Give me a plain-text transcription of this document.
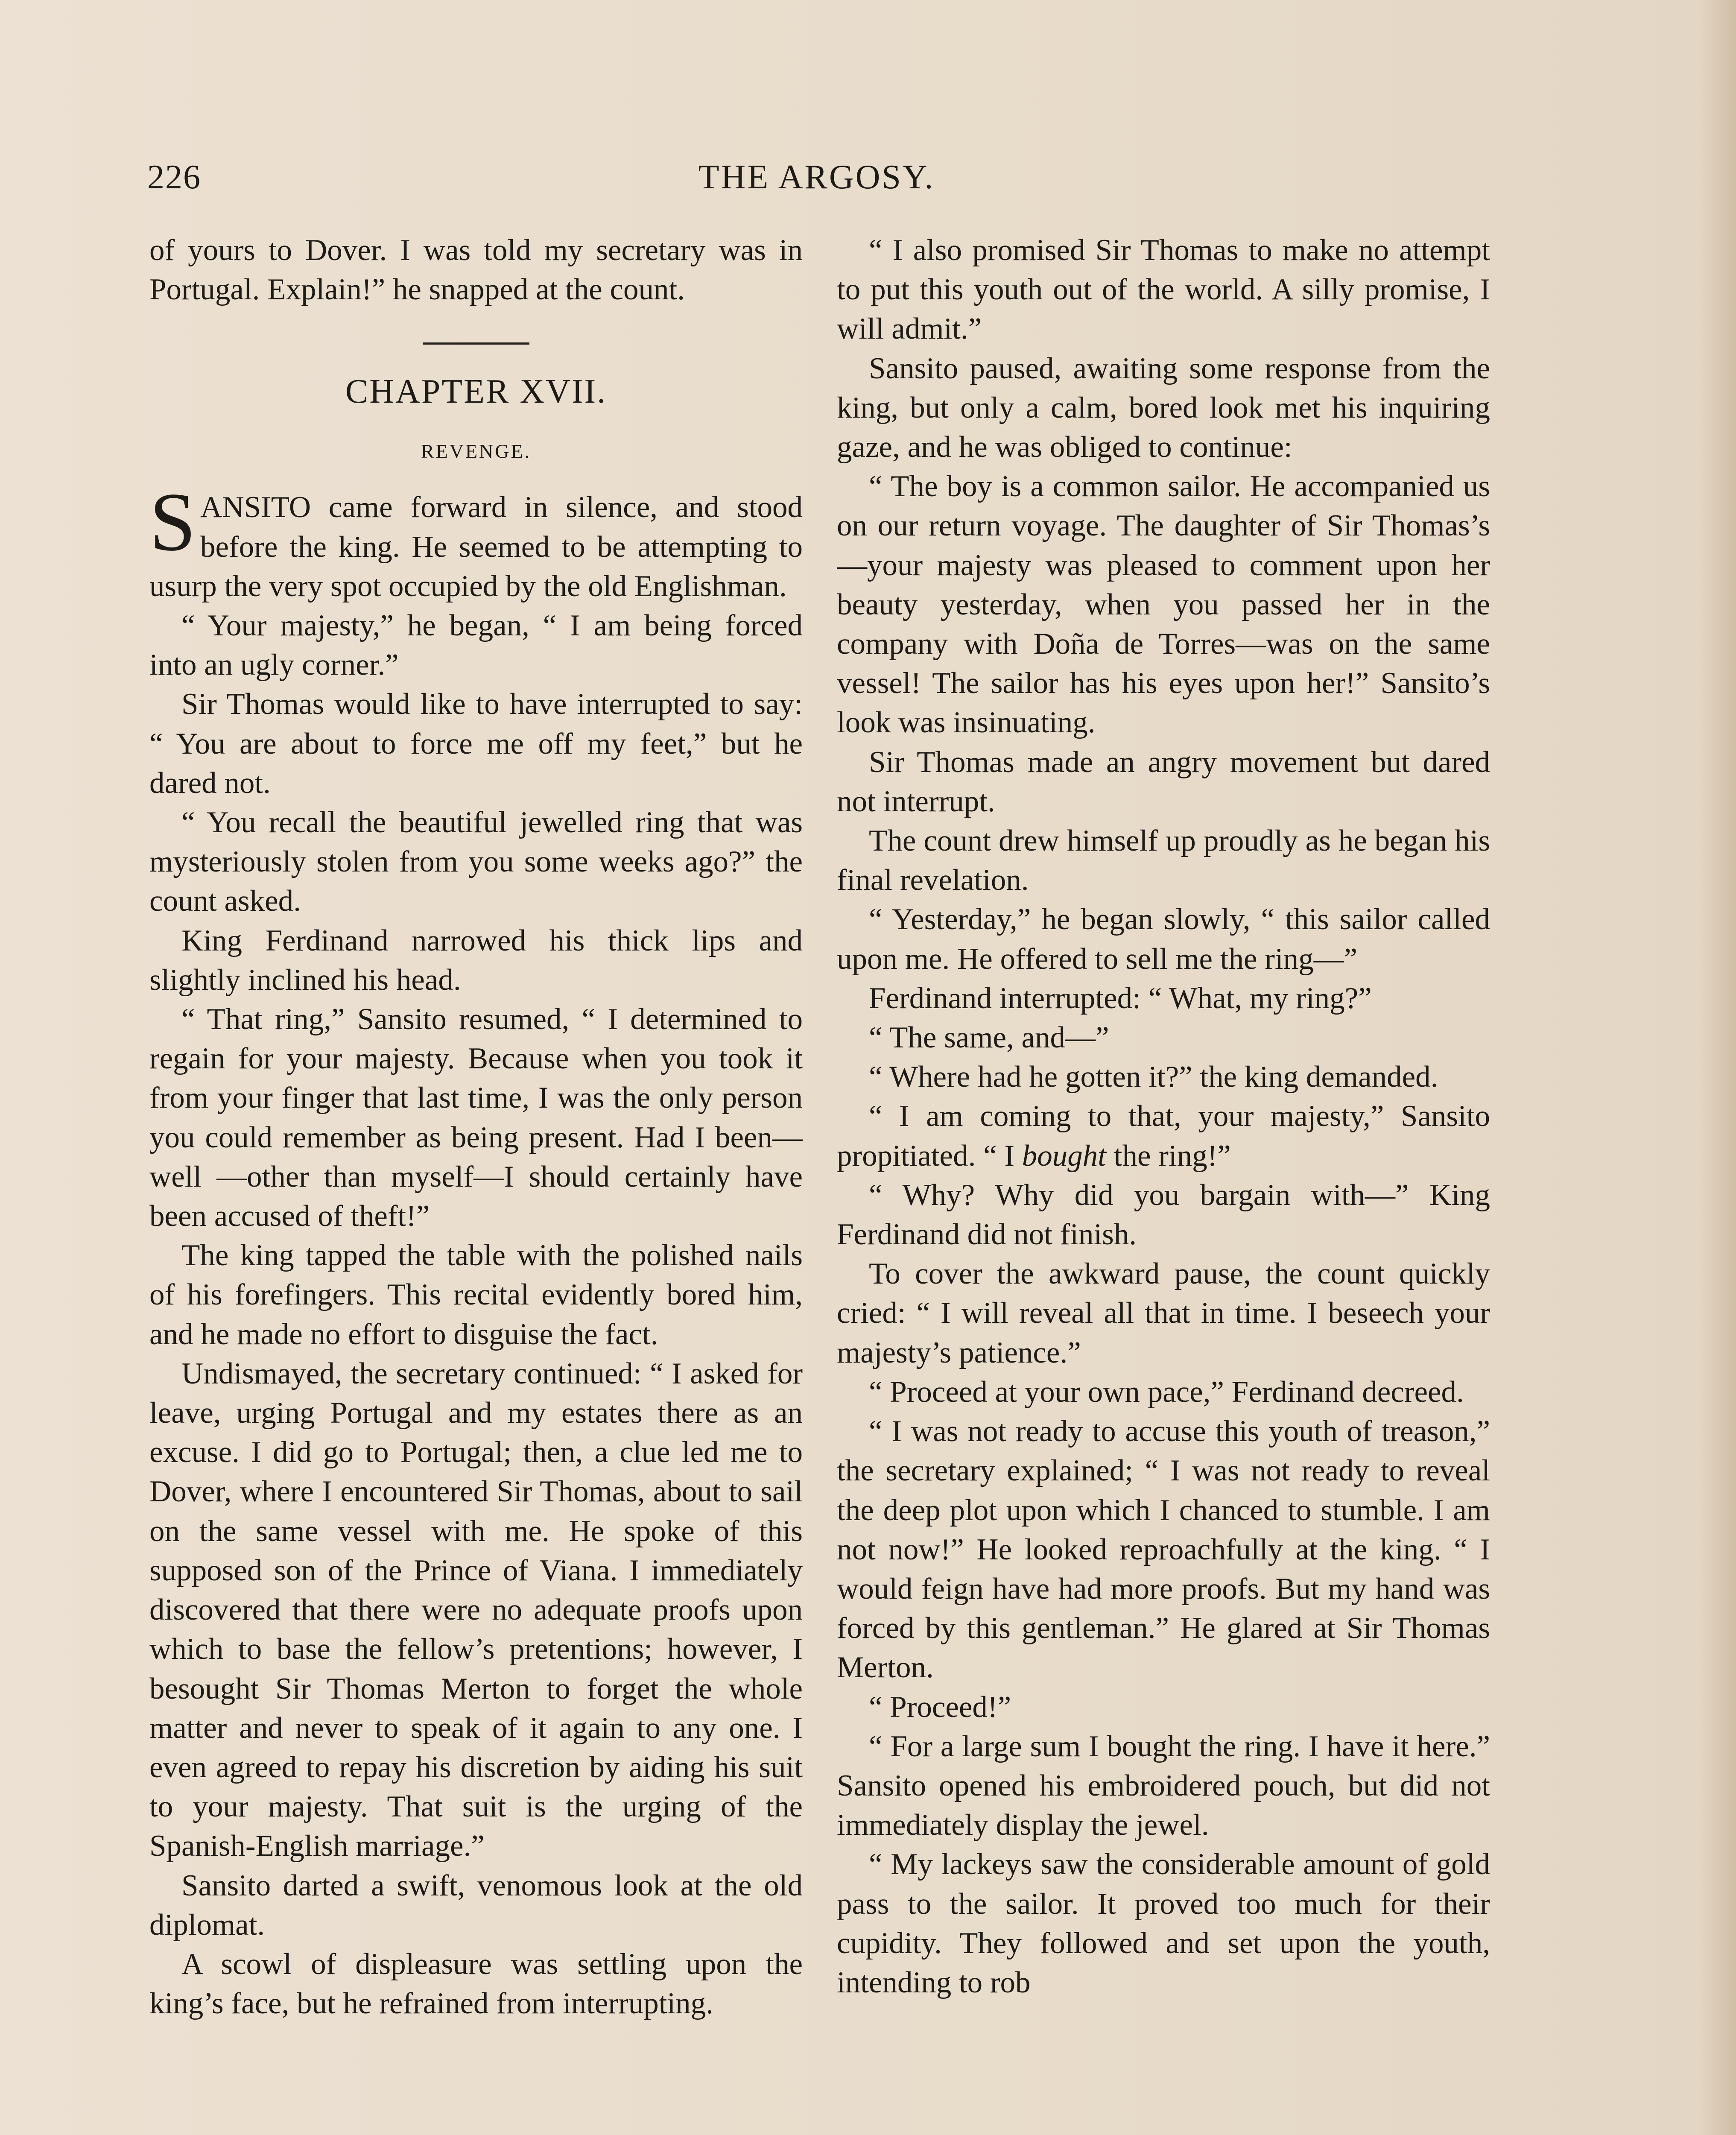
226	THE ARGOSY.

of yours to Dover. I was told my secretary was in Portugal. Explain!” he snapped at the count.

CHAPTER XVII.
REVENGE.

SANSITO came forward in silence, and stood before the king. He seemed to be attempting to usurp the very spot occupied by the old Englishman.

“ Your majesty,” he began, “ I am being forced into an ugly corner.”

Sir Thomas would like to have interrupted to say: “ You are about to force me off my feet,” but he dared not.

“ You recall the beautiful jewelled ring that was mysteriously stolen from you some weeks ago?” the count asked.

King Ferdinand narrowed his thick lips and slightly inclined his head.

“ That ring,” Sansito resumed, “ I determined to regain for your majesty. Because when you took it from your finger that last time, I was the only person you could remember as being present. Had I been—well —other than myself—I should certainly have been accused of theft!”

The king tapped the table with the polished nails of his forefingers. This recital evidently bored him, and he made no effort to disguise the fact.

Undismayed, the secretary continued: “ I asked for leave, urging Portugal and my estates there as an excuse. I did go to Portugal; then, a clue led me to Dover, where I encountered Sir Thomas, about to sail on the same vessel with me. He spoke of this supposed son of the Prince of Viana. I immediately discovered that there were no adequate proofs upon which to base the fellow’s pretentions; however, I besought Sir Thomas Merton to forget the whole matter and never to speak of it again to any one. I even agreed to repay his discretion by aiding his suit to your majesty. That suit is the urging of the Spanish-English marriage.”

Sansito darted a swift, venomous look at the old diplomat.

A scowl of displeasure was settling upon the king’s face, but he refrained from interrupting.

“ I also promised Sir Thomas to make no attempt to put this youth out of the world. A silly promise, I will admit.”

Sansito paused, awaiting some response from the king, but only a calm, bored look met his inquiring gaze, and he was obliged to continue:

“ The boy is a common sailor. He accompanied us on our return voyage. The daughter of Sir Thomas’s—your majesty was pleased to comment upon her beauty yesterday, when you passed her in the company with Doña de Torres—was on the same vessel! The sailor has his eyes upon her!” Sansito’s look was insinuating.

Sir Thomas made an angry movement but dared not interrupt.

The count drew himself up proudly as he began his final revelation.

“ Yesterday,” he began slowly, “ this sailor called upon me. He offered to sell me the ring—”

Ferdinand interrupted: “ What, my ring?”

“ The same, and—”

“ Where had he gotten it?” the king demanded.

“ I am coming to that, your majesty,” Sansito propitiated. “ I bought the ring!”

“ Why? Why did you bargain with—” King Ferdinand did not finish.

To cover the awkward pause, the count quickly cried: “ I will reveal all that in time. I beseech your majesty’s patience.”

“ Proceed at your own pace,” Ferdinand decreed.

“ I was not ready to accuse this youth of treason,” the secretary explained; “ I was not ready to reveal the deep plot upon which I chanced to stumble. I am not now!” He looked reproachfully at the king. “ I would feign have had more proofs. But my hand was forced by this gentleman.” He glared at Sir Thomas Merton.

“ Proceed!”

“ For a large sum I bought the ring. I have it here.” Sansito opened his embroidered pouch, but did not immediately display the jewel.

“ My lackeys saw the considerable amount of gold pass to the sailor. It proved too much for their cupidity. They followed and set upon the youth, intending to rob
